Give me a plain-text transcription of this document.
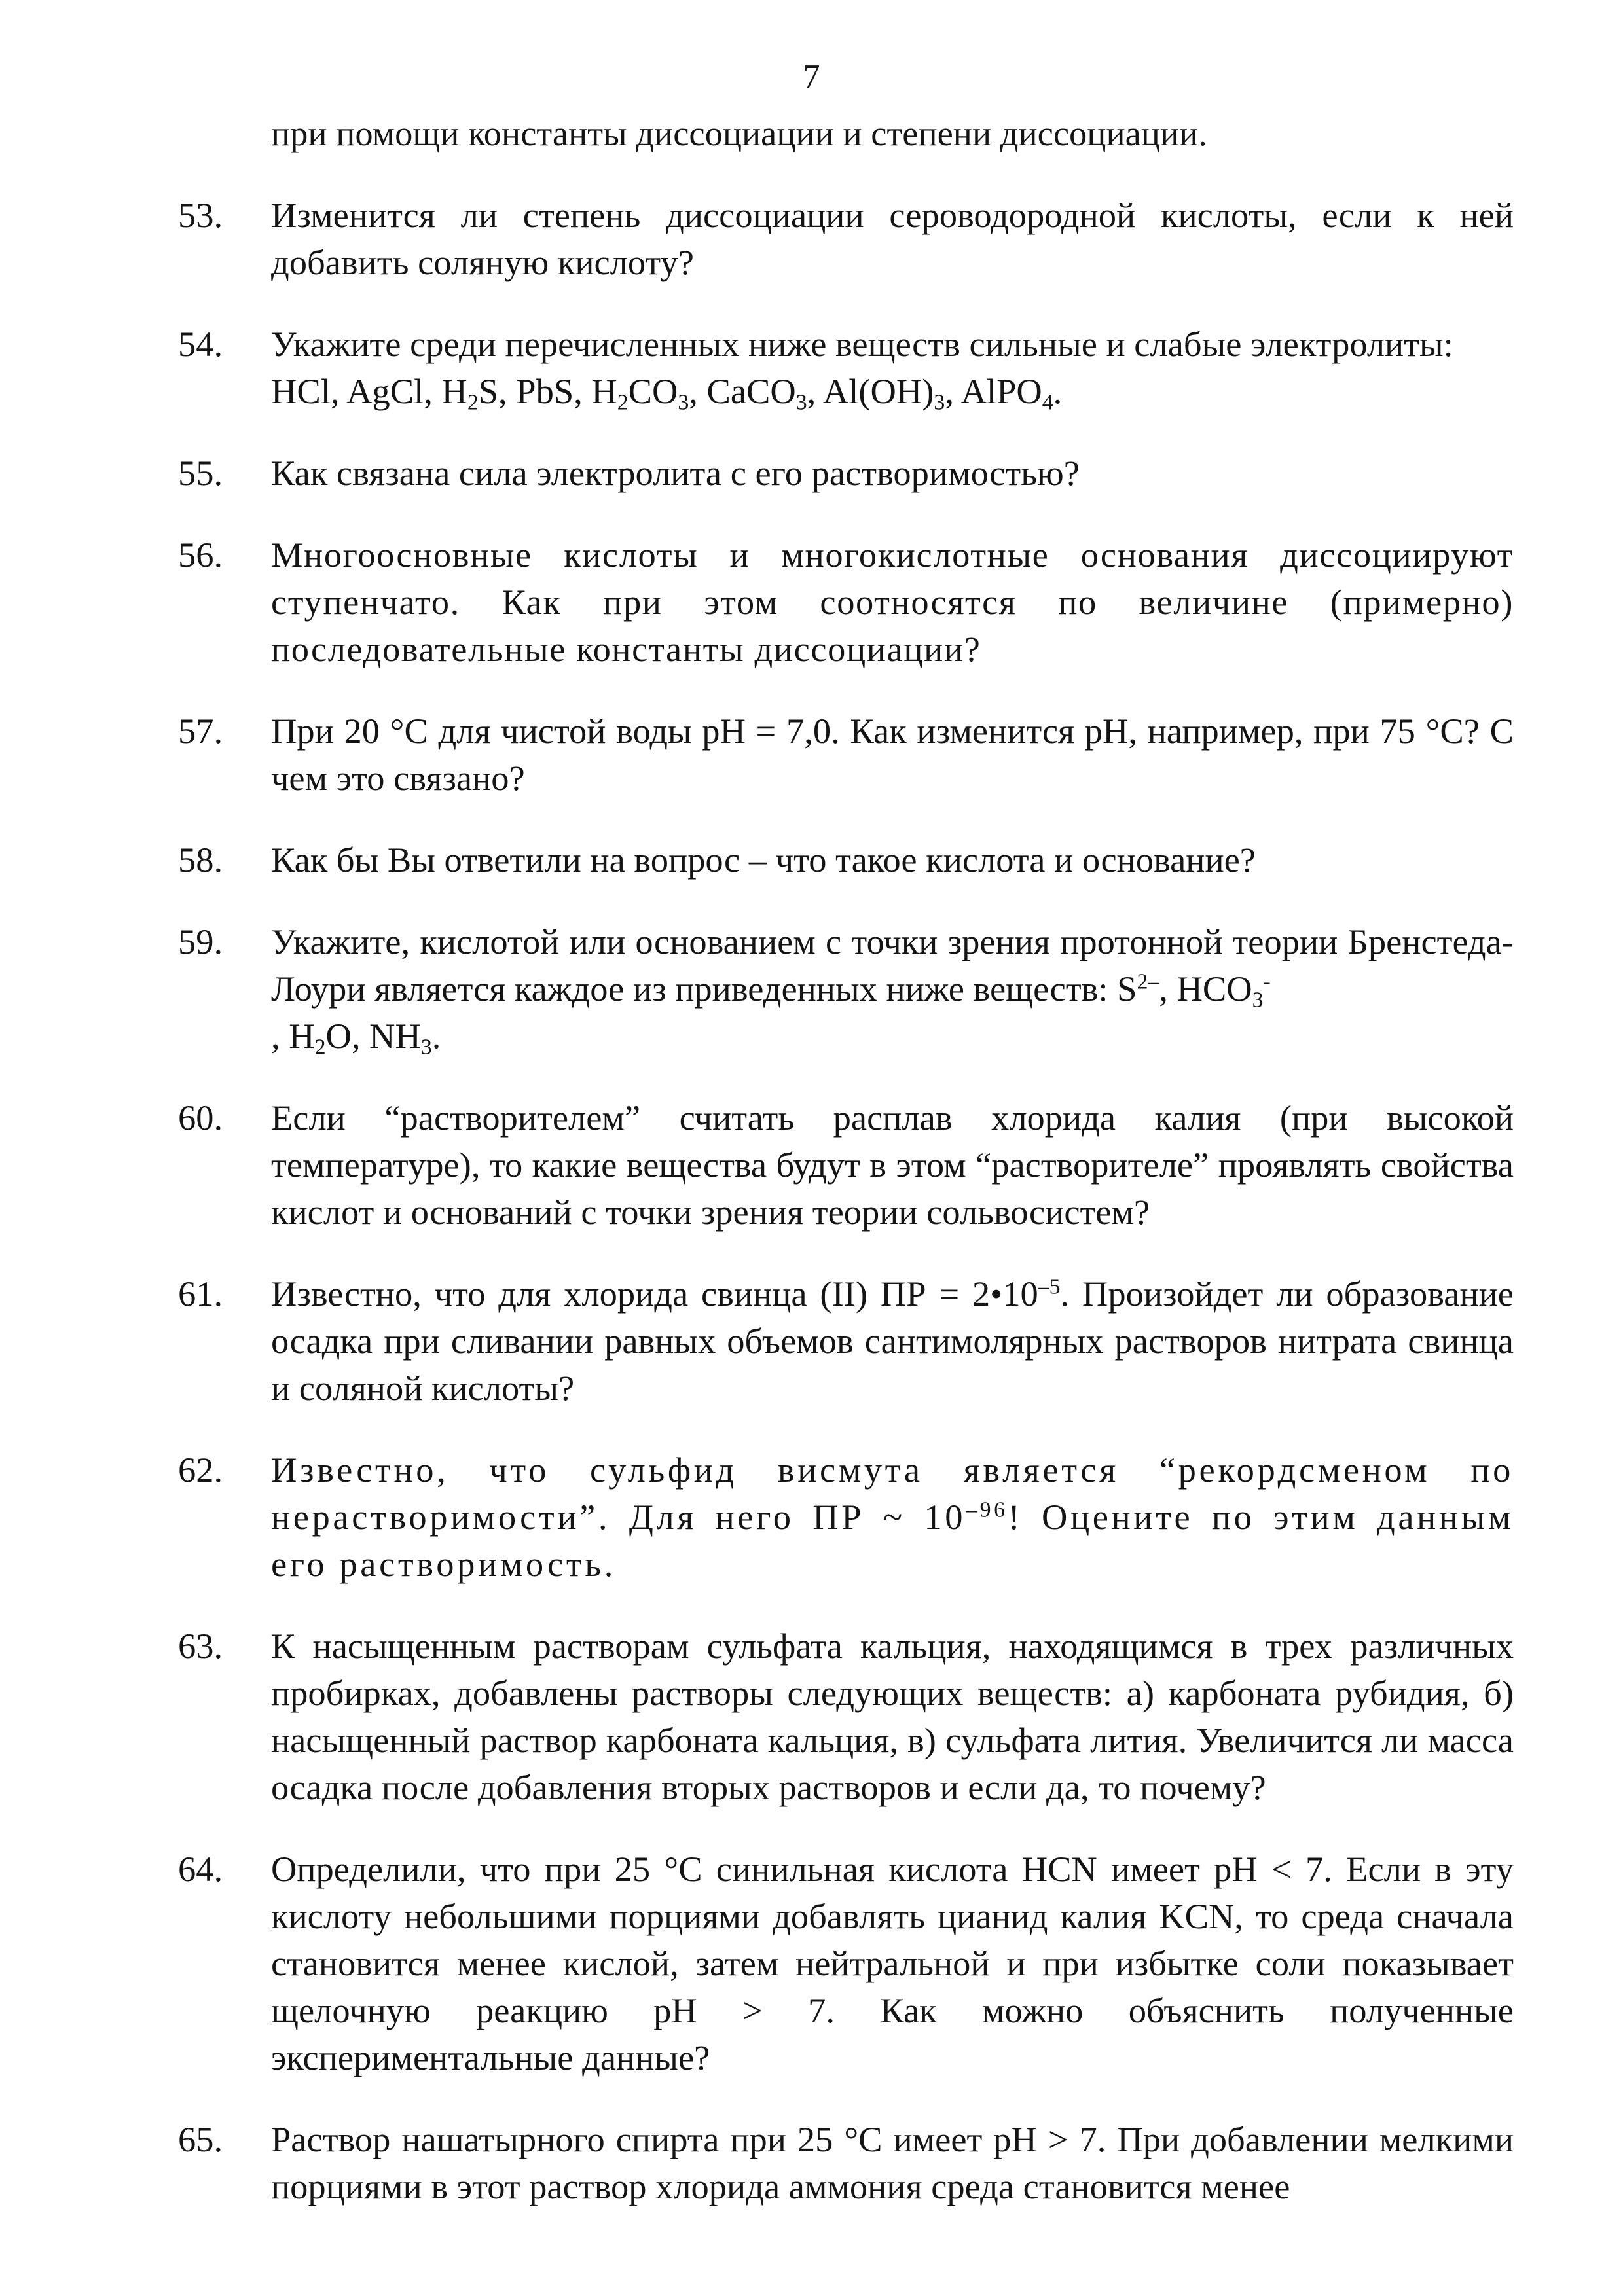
7
при помощи константы диссоциации и степени диссоциации.
53.	Изменится ли степень диссоциации сероводородной кислоты, если к ней добавить соляную кислоту?
54.	Укажите среди перечисленных ниже веществ сильные и слабые электролиты:
HCl, AgCl, $H_2S$, PbS, $H_2CO_3$, CaCO$_3$, $Al(OH)_3$, AlPO$_4$.
55.	Как связана сила электролита с его растворимостью?
56.	Многоосновные кислоты и многокислотные основания диссоциируют ступенчато. Как при этом соотносятся по величине (примерно) последовательные константы диссоциации?
57.	При 20 °С для чистой воды pH = 7,0. Как изменится pH, например, при 75 °С? С чем это связано?
58.	Как бы Вы ответили на вопрос – что такое кислота и основание?
59.	Укажите, кислотой или основанием с точки зрения протонной теории Бренстеда-Лоури является каждое из приведенных ниже веществ: $S^{2-}$, $HCO_3^-$
, $H_2O$, $NH_3$.
60.	Если “растворителем” считать расплав хлорида калия (при высокой температуре), то какие вещества будут в этом “растворителе” проявлять свойства кислот и оснований с точки зрения теории сольвосистем?
61.	Известно, что для хлорида свинца (II) ПР = $2•10^{-5}$. Произойдет ли образование осадка при сливании равных объемов сантимолярных растворов нитрата свинца и соляной кислоты?
62.	Известно, что сульфид висмута является “рекордсменом по нерастворимости”. Для него ПР ~ $10^{-96}$! Оцените по этим данным его растворимость.
63.	К насыщенным растворам сульфата кальция, находящимся в трех различных пробирках, добавлены растворы следующих веществ: а) карбоната рубидия, б) насыщенный раствор карбоната кальция, в) сульфата лития. Увеличится ли масса осадка после добавления вторых растворов и если да, то почему?
64.	Определили, что при 25 °С синильная кислота HCN имеет pH < 7. Если в эту кислоту небольшими порциями добавлять цианид калия KCN, то среда сначала становится менее кислой, затем нейтральной и при избытке соли показывает щелочную реакцию pH > 7. Как можно объяснить полученные экспериментальные данные?
65.	Раствор нашатырного спирта при 25 °С имеет pH > 7. При добавлении мелкими порциями в этот раствор хлорида аммония среда становится менее
